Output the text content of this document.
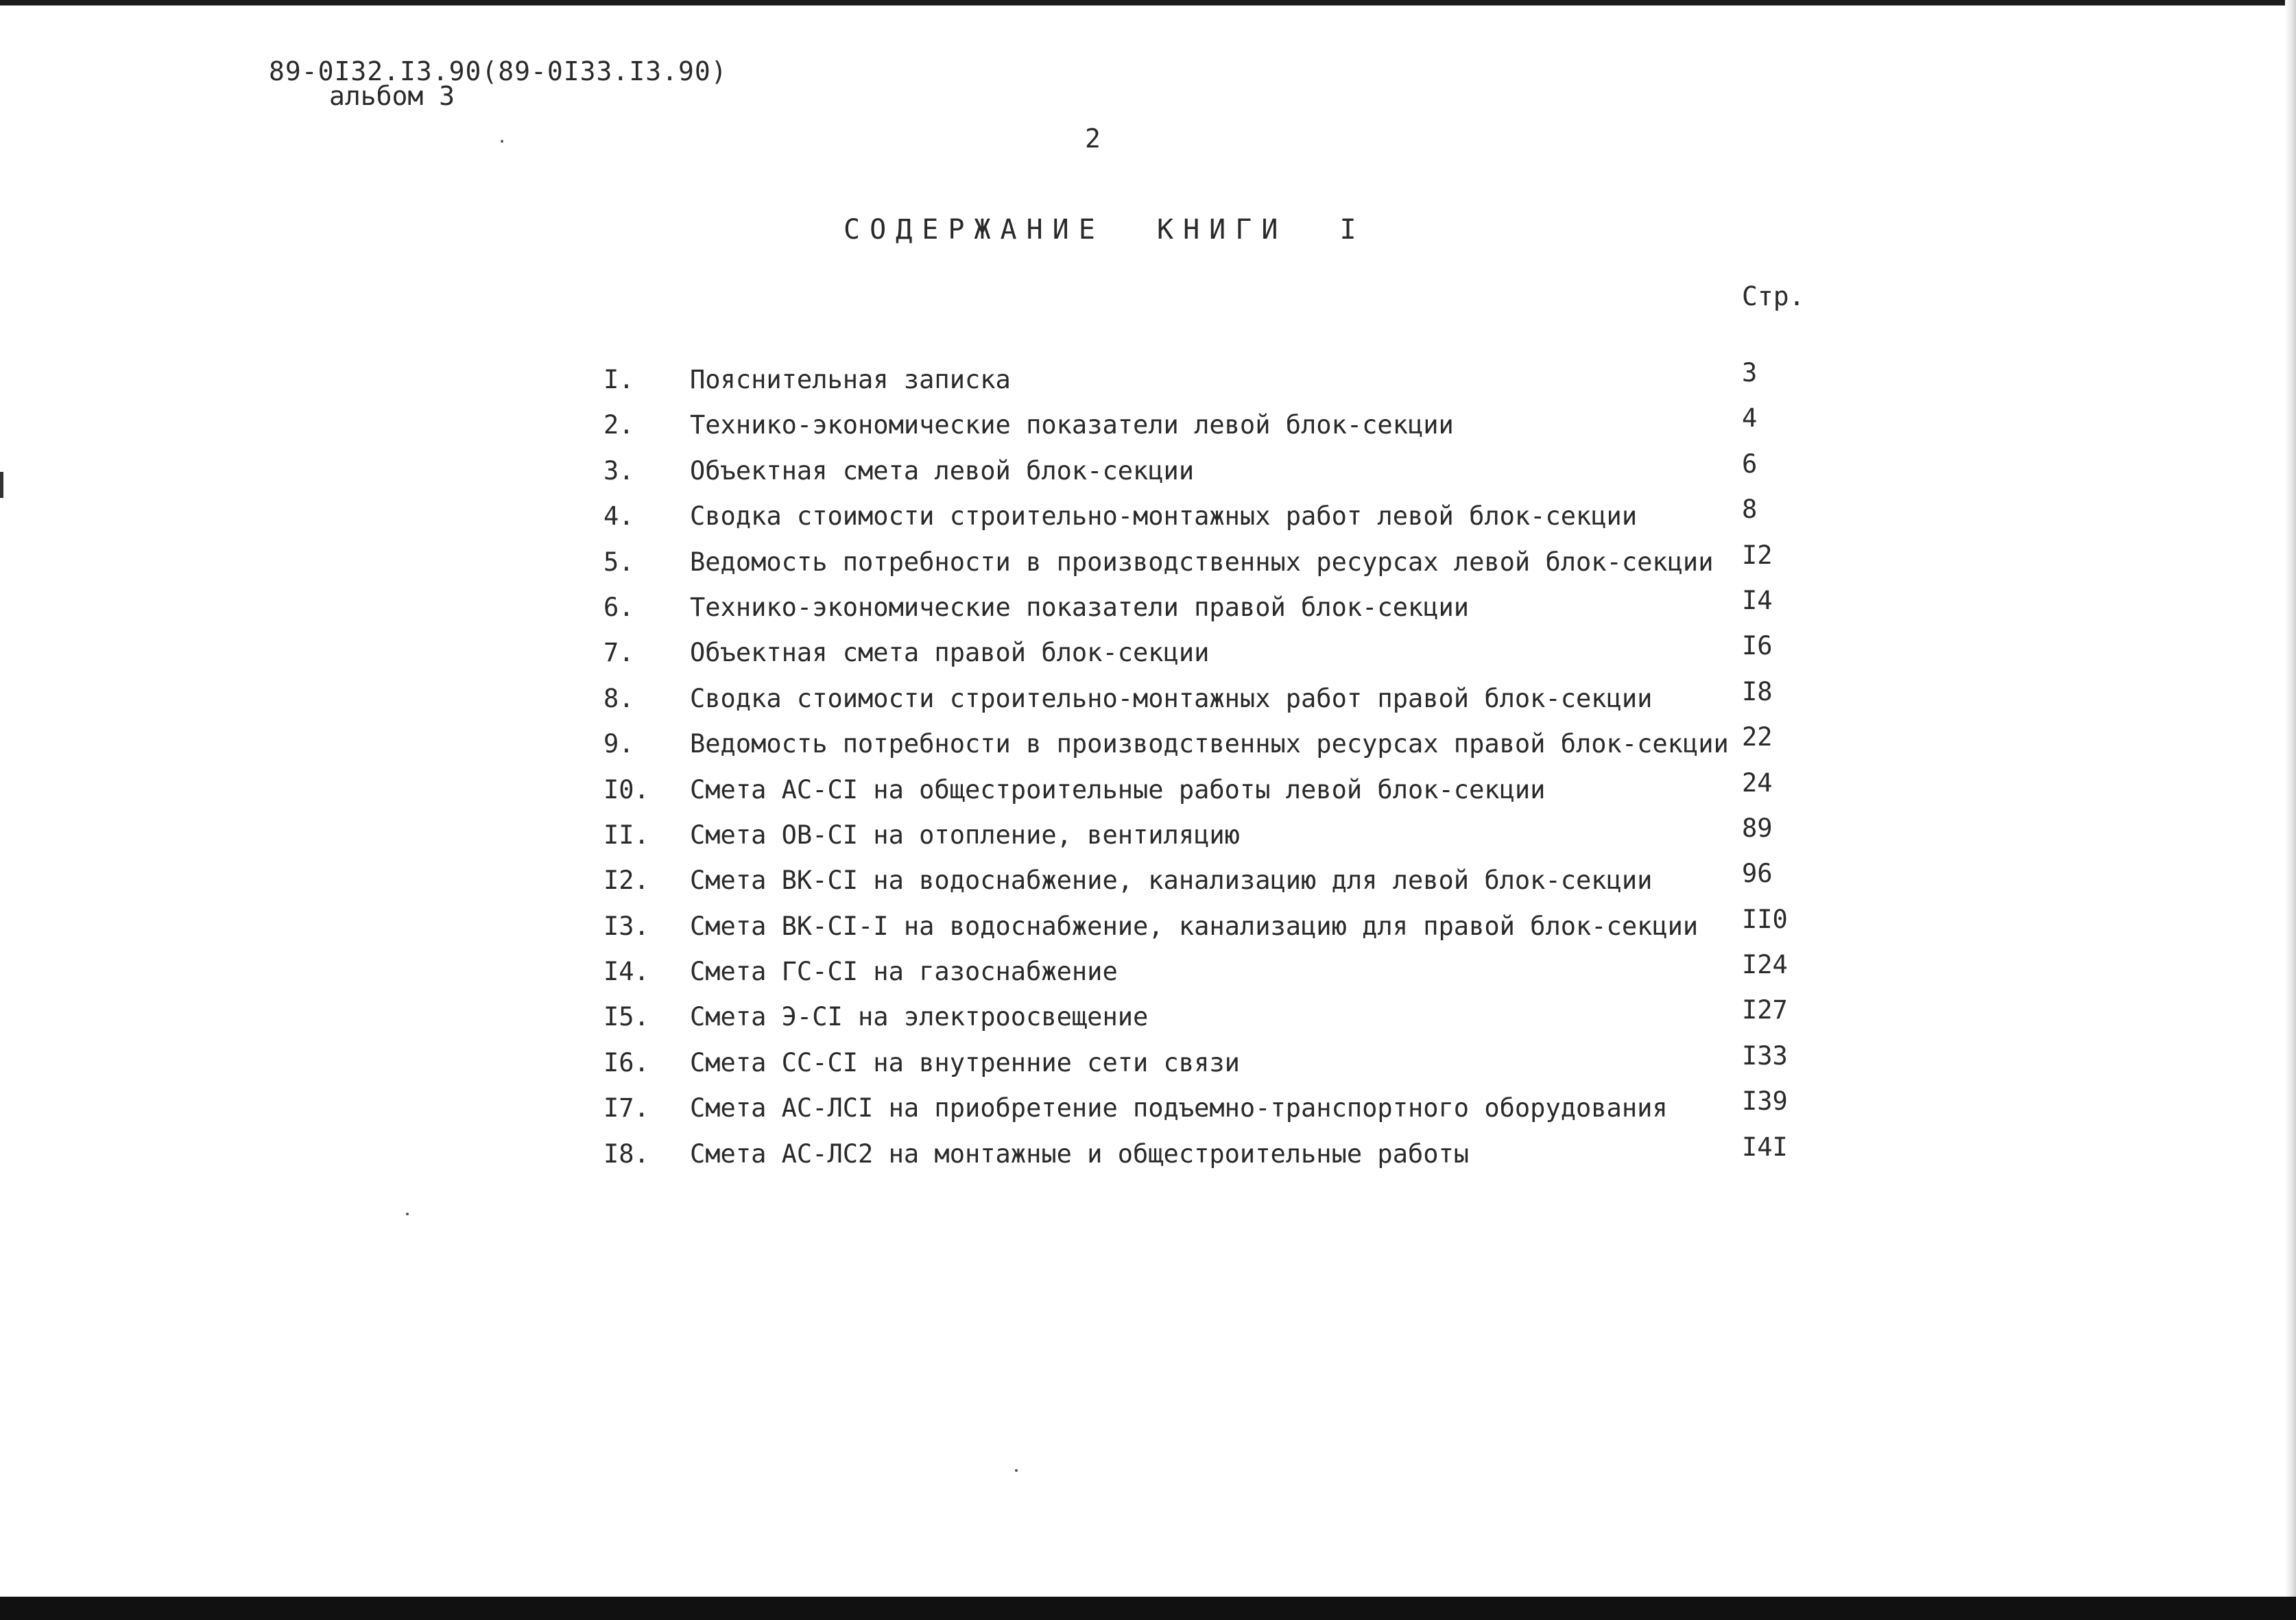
89-0I32.I3.90(89-0I33.I3.90)
альбом 3
2
СОДЕРЖАНИЕ  КНИГИ  I
Стр.
I. Пояснительная записка	3
2. Технико-экономические показатели левой блок-секции	4
3. Объектная смета левой блок-секции	6
4. Сводка стоимости строительно-монтажных работ левой блок-секции	8
5. Ведомость потребности в производственных ресурсах левой блок-секции I2
6. Технико-экономические показатели правой блок-секции	I4
7. Объектная смета правой блок-секции	I6
8. Сводка стоимости строительно-монтажных работ правой блок-секции	I8
9. Ведомость потребности в производственных ресурсах правой блок-секции 22
I0. Смета АС-СI на общестроительные работы левой блок-секции	24
II. Смета ОВ-СI на отопление, вентиляцию	89
I2. Смета ВК-СI на водоснабжение, канализацию для левой блок-секции	96
I3. Смета ВК-СI-I на водоснабжение, канализацию для правой блок-секции II0
I4. Смета ГС-СI на газоснабжение	I24
I5. Смета Э-СI на электроосвещение	I27
I6. Смета СС-СI на внутренние сети связи	I33
I7. Смета АС-ЛСI на приобретение подъемно-транспортного оборудования	I39
I8. Смета АС-ЛС2 на монтажные и общестроительные работы	I4I
